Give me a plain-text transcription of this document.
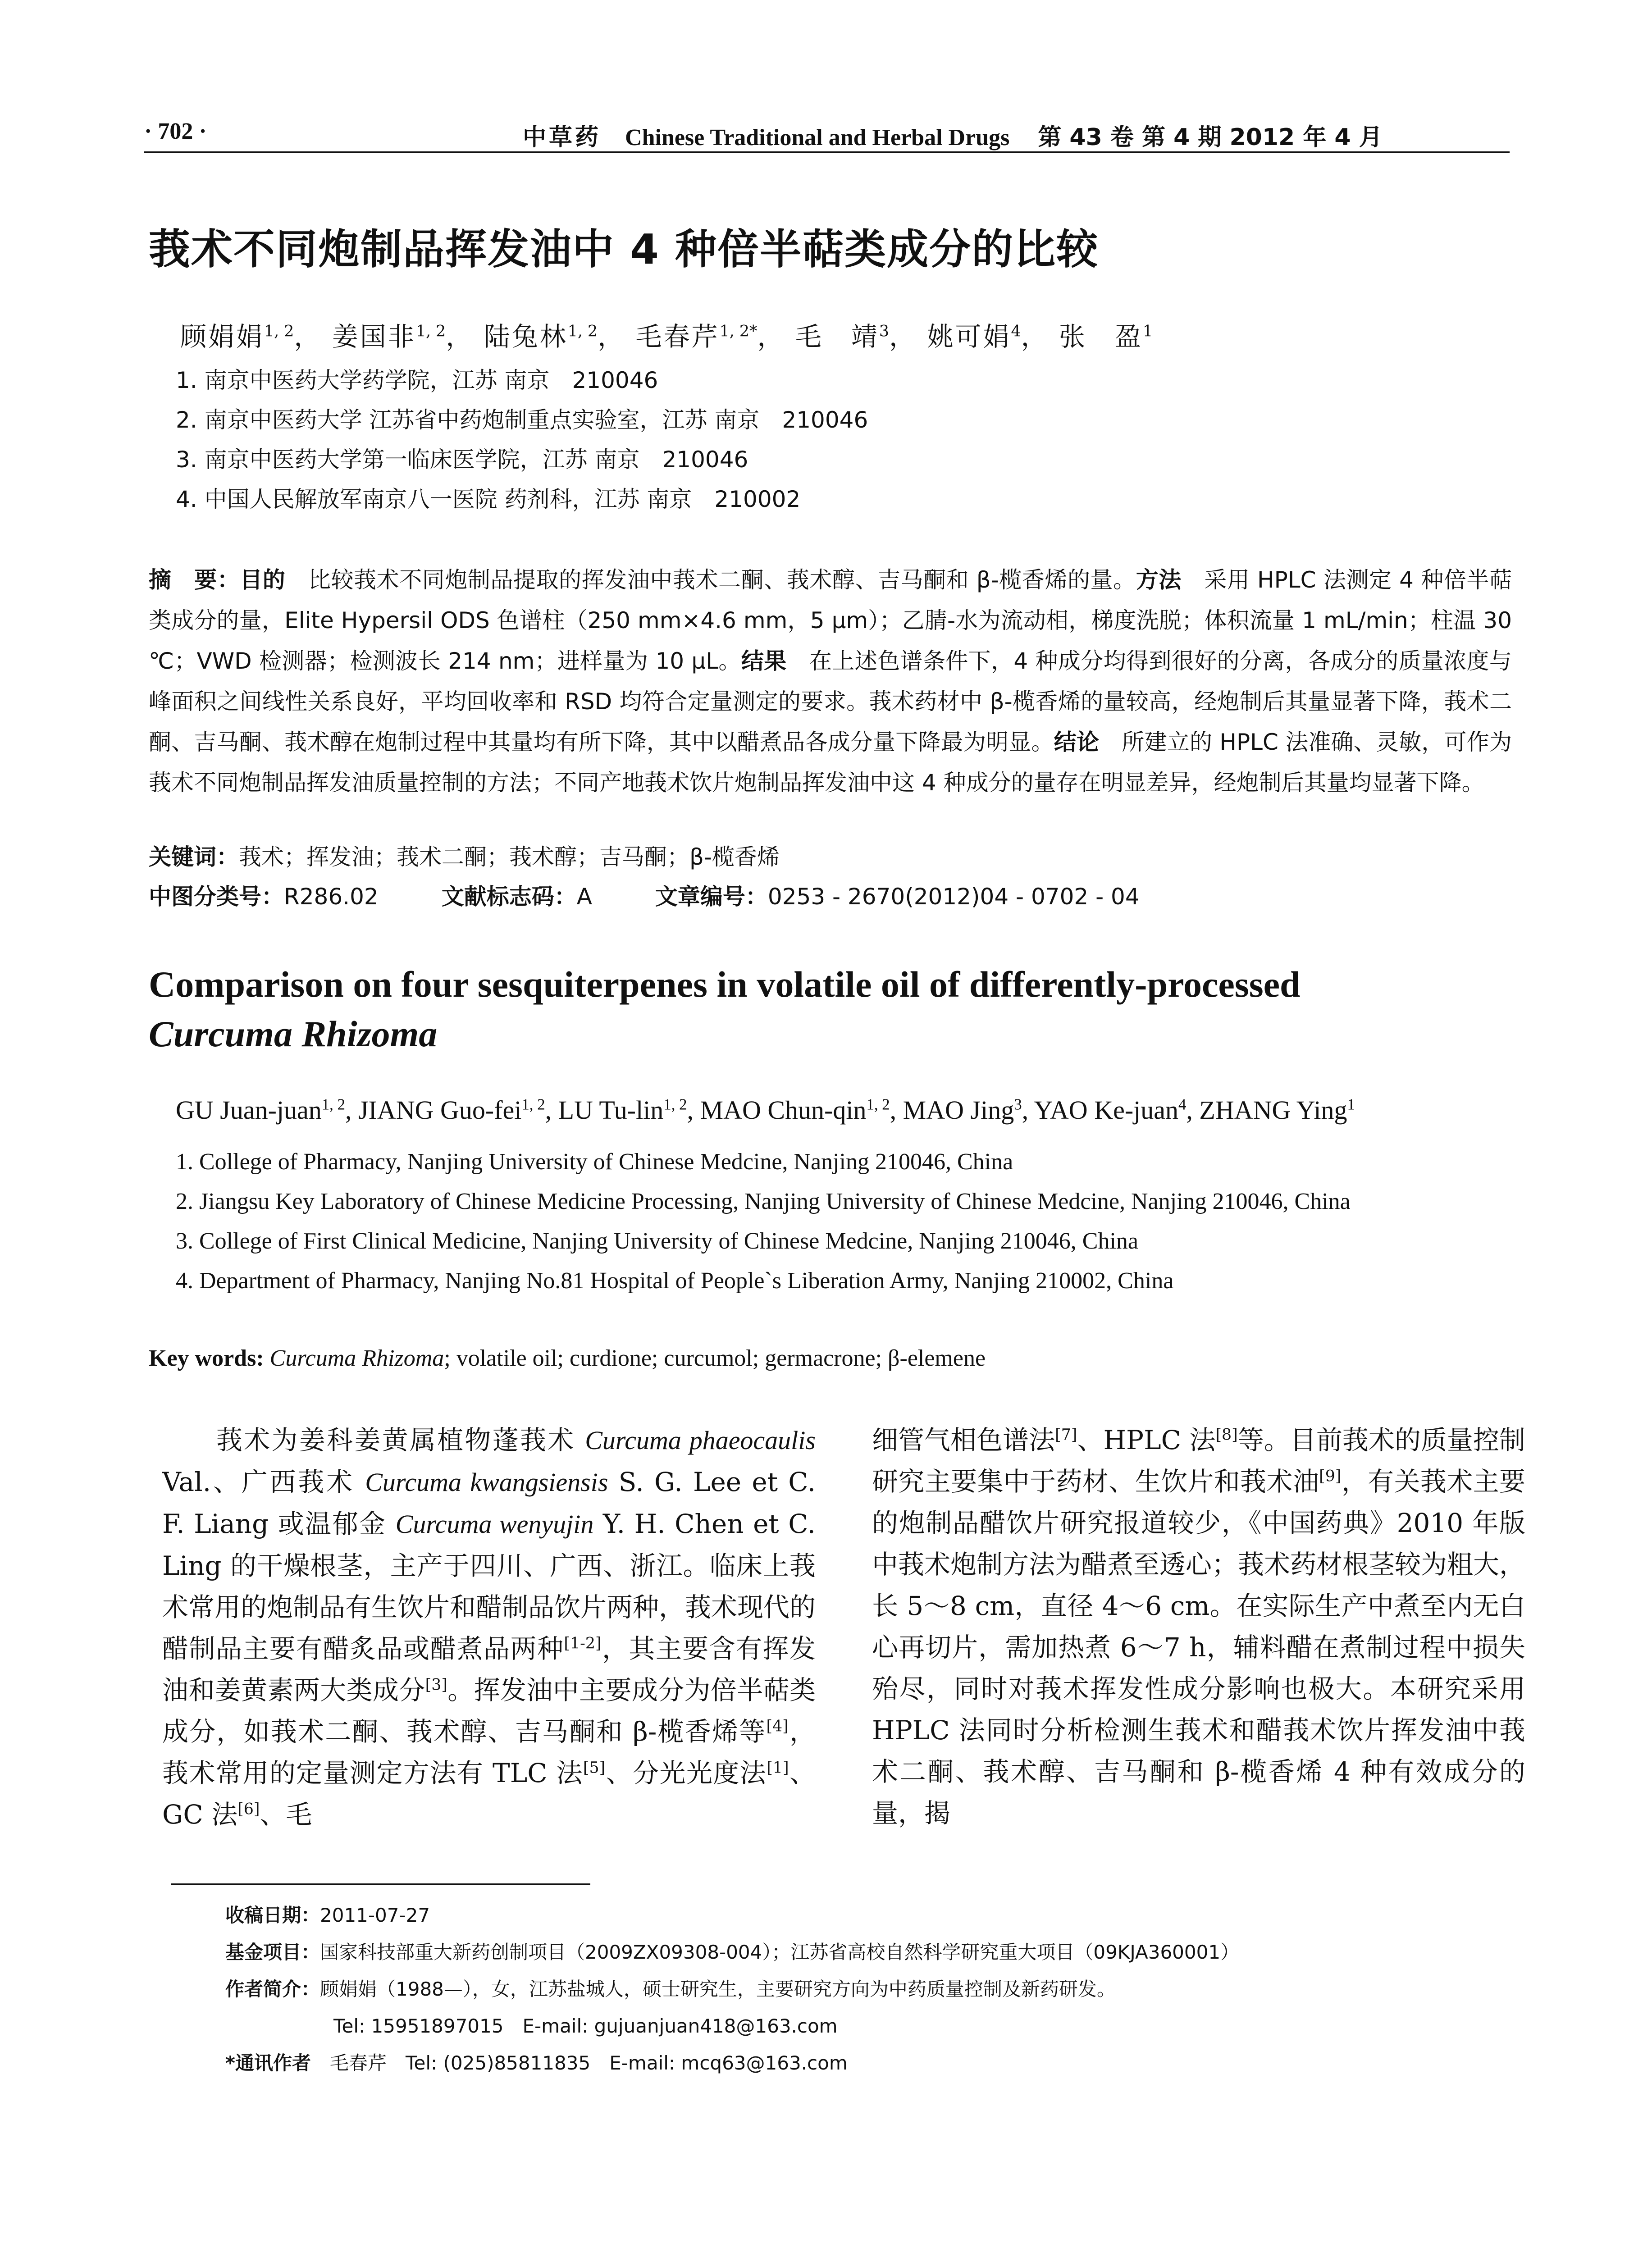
· 702 ·	中草药 Chinese Traditional and Herbal Drugs 第 43 卷 第 4 期 2012 年 4 月
莪术不同炮制品挥发油中 4 种倍半萜类成分的比较
顾娟娟$^{1, 2}$， 姜国非$^{1, 2}$， 陆兔林$^{1, 2}$， 毛春芹$^{1, 2*}$， 毛　靖$^3$， 姚可娟$^4$， 张　盈$^1$
1. 南京中医药大学药学院，江苏 南京　210046
2. 南京中医药大学 江苏省中药炮制重点实验室，江苏 南京　210046
3. 南京中医药大学第一临床医学院，江苏 南京　210046
4. 中国人民解放军南京八一医院 药剂科，江苏 南京　210002
摘　要：目的　 比较莪术不同炮制品提取的挥发油中莪术二酮、莪术醇、吉马酮和 β-榄香烯的量。方法　 采用 HPLC 法测定 4 种倍半萜类成分的量，Elite Hypersil ODS 色谱柱（250 mm×4.6 mm，5 μm）；乙腈-水为流动相，梯度洗脱；体积流量 1 mL/min；柱温 30 ℃；VWD 检测器；检测波长 214 nm；进样量为 10 μL。结果　 在上述色谱条件下，4 种成分均得到很好的分离，各成分的质量浓度与峰面积之间线性关系良好，平均回收率和 RSD 均符合定量测定的要求。莪术药材中 β-榄香烯的量较高，经炮制后其量显著下降，莪术二酮、吉马酮、莪术醇在炮制过程中其量均有所下降，其中以醋煮品各成分量下降最为明显。结论　 所建立的 HPLC 法准确、灵敏，可作为莪术不同炮制品挥发油质量控制的方法；不同产地莪术饮片炮制品挥发油中这 4 种成分的量存在明显差异，经炮制后其量均显著下降。
关键词：莪术；挥发油；莪术二酮；莪术醇；吉马酮；β-榄香烯
中图分类号：R286.02	文献标志码：A	文章编号：0253 - 2670(2012)04 - 0702 - 04
Comparison on four sesquiterpenes in volatile oil of differently-processed
Curcuma Rhizoma
GU Juan-juan$^{1, 2}$, JIANG Guo-fei$^{1, 2}$, LU Tu-lin$^{1, 2}$, MAO Chun-qin$^{1, 2}$, MAO Jing$^3$, YAO Ke-juan$^4$, ZHANG Ying$^1$
1. College of Pharmacy, Nanjing University of Chinese Medcine, Nanjing 210046, China
2. Jiangsu Key Laboratory of Chinese Medicine Processing, Nanjing University of Chinese Medcine, Nanjing 210046, China
3. College of First Clinical Medicine, Nanjing University of Chinese Medcine, Nanjing 210046, China
4. Department of Pharmacy, Nanjing No.81 Hospital of People`s Liberation Army, Nanjing 210002, China
Key words: Curcuma Rhizoma; volatile oil; curdione; curcumol; germacrone; β-elemene
莪术为姜科姜黄属植物蓬莪术 Curcuma phaeocaulis Val.、广西莪术 Curcuma kwangsiensis S. G. Lee et C. F. Liang 或温郁金 Curcuma wenyujin Y. H. Chen et C. Ling 的干燥根茎，主产于四川、广西、浙江。临床上莪术常用的炮制品有生饮片和醋制品饮片两种，莪术现代的醋制品主要有醋炙品或醋煮品两种[1-2]，其主要含有挥发油和姜黄素两大类成分[3]。挥发油中主要成分为倍半萜类成分，如莪术二酮、莪术醇、吉马酮和 β-榄香烯等[4]，莪术常用的定量测定方法有 TLC 法[5]、分光光度法[1]、GC 法[6]、毛
细管气相色谱法[7]、HPLC 法[8]等。目前莪术的质量控制研究主要集中于药材、生饮片和莪术油[9]，有关莪术主要的炮制品醋饮片研究报道较少，《中国药典》2010 年版中莪术炮制方法为醋煮至透心；莪术药材根茎较为粗大，长 5～8 cm，直径 4～6 cm。在实际生产中煮至内无白心再切片，需加热煮 6～7 h，辅料醋在煮制过程中损失殆尽，同时对莪术挥发性成分影响也极大。本研究采用 HPLC 法同时分析检测生莪术和醋莪术饮片挥发油中莪术二酮、莪术醇、吉马酮和 β-榄香烯 4 种有效成分的量，揭
收稿日期：2011-07-27
基金项目：国家科技部重大新药创制项目（2009ZX09308-004）；江苏省高校自然科学研究重大项目（09KJA360001）
作者简介：顾娟娟（1988—），女，江苏盐城人，硕士研究生，主要研究方向为中药质量控制及新药研发。
Tel: 15951897015　E-mail: gujuanjuan418@163.com
*通讯作者　 毛春芹　Tel: (025)85811835　E-mail: mcq63@163.com
